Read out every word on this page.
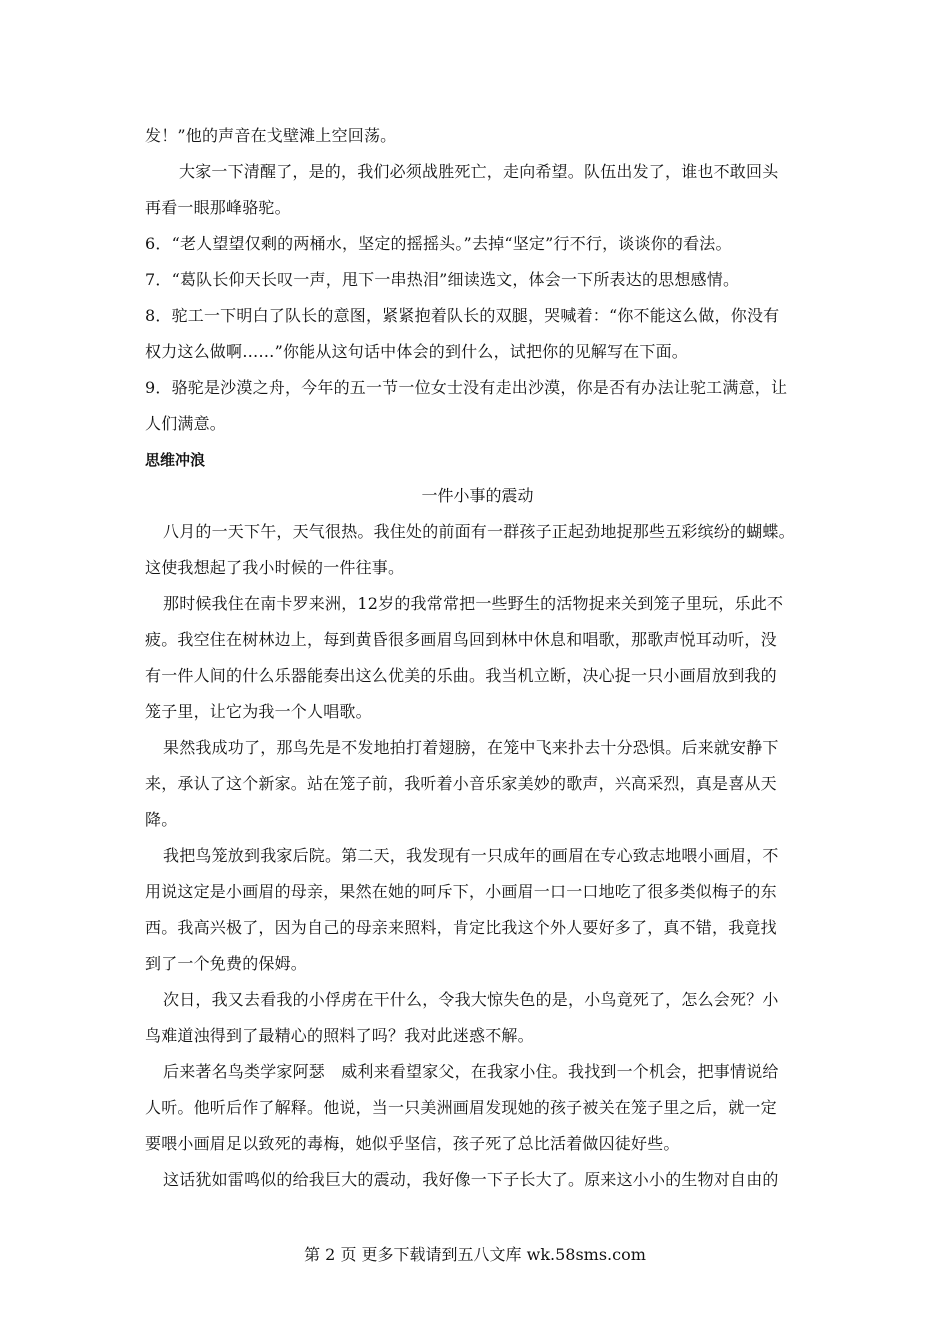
发！”他的声音在戈壁滩上空回荡。
大家一下清醒了，是的，我们必须战胜死亡，走向希望。队伍出发了，谁也不敢回头
再看一眼那峰骆驼。
6．“老人望望仅剩的两桶水，坚定的摇摇头。”去掉“坚定”行不行，谈谈你的看法。
7．“葛队长仰天长叹一声，甩下一串热泪”细读选文，体会一下所表达的思想感情。
8．驼工一下明白了队长的意图，紧紧抱着队长的双腿，哭喊着：“你不能这么做，你没有
权力这么做啊……”你能从这句话中体会的到什么，试把你的见解写在下面。
9．骆驼是沙漠之舟，今年的五一节一位女士没有走出沙漠，你是否有办法让驼工满意，让
人们满意。
思维冲浪
一件小事的震动
八月的一天下午，天气很热。我住处的前面有一群孩子正起劲地捉那些五彩缤纷的蝴蝶。
这使我想起了我小时候的一件往事。
那时候我住在南卡罗来洲，12岁的我常常把一些野生的活物捉来关到笼子里玩，乐此不
疲。我空住在树林边上，每到黄昏很多画眉鸟回到林中休息和唱歌，那歌声悦耳动听，没
有一件人间的什么乐器能奏出这么优美的乐曲。我当机立断，决心捉一只小画眉放到我的
笼子里，让它为我一个人唱歌。
果然我成功了，那鸟先是不发地拍打着翅膀，在笼中飞来扑去十分恐惧。后来就安静下
来，承认了这个新家。站在笼子前，我听着小音乐家美妙的歌声，兴高采烈，真是喜从天
降。
我把鸟笼放到我家后院。第二天，我发现有一只成年的画眉在专心致志地喂小画眉，不
用说这定是小画眉的母亲，果然在她的呵斥下，小画眉一口一口地吃了很多类似梅子的东
西。我高兴极了，因为自己的母亲来照料，肯定比我这个外人要好多了，真不错，我竟找
到了一个免费的保姆。
次日，我又去看我的小俘虏在干什么，令我大惊失色的是，小鸟竟死了，怎么会死？小
鸟难道浊得到了最精心的照料了吗？我对此迷惑不解。
后来著名鸟类学家阿瑟　威利来看望家父，在我家小住。我找到一个机会，把事情说给
人听。他听后作了解释。他说，当一只美洲画眉发现她的孩子被关在笼子里之后，就一定
要喂小画眉足以致死的毒梅，她似乎坚信，孩子死了总比活着做囚徒好些。
这话犹如雷鸣似的给我巨大的震动，我好像一下子长大了。原来这小小的生物对自由的
第 2 页 更多下载请到五八文库 wk.58sms.com
